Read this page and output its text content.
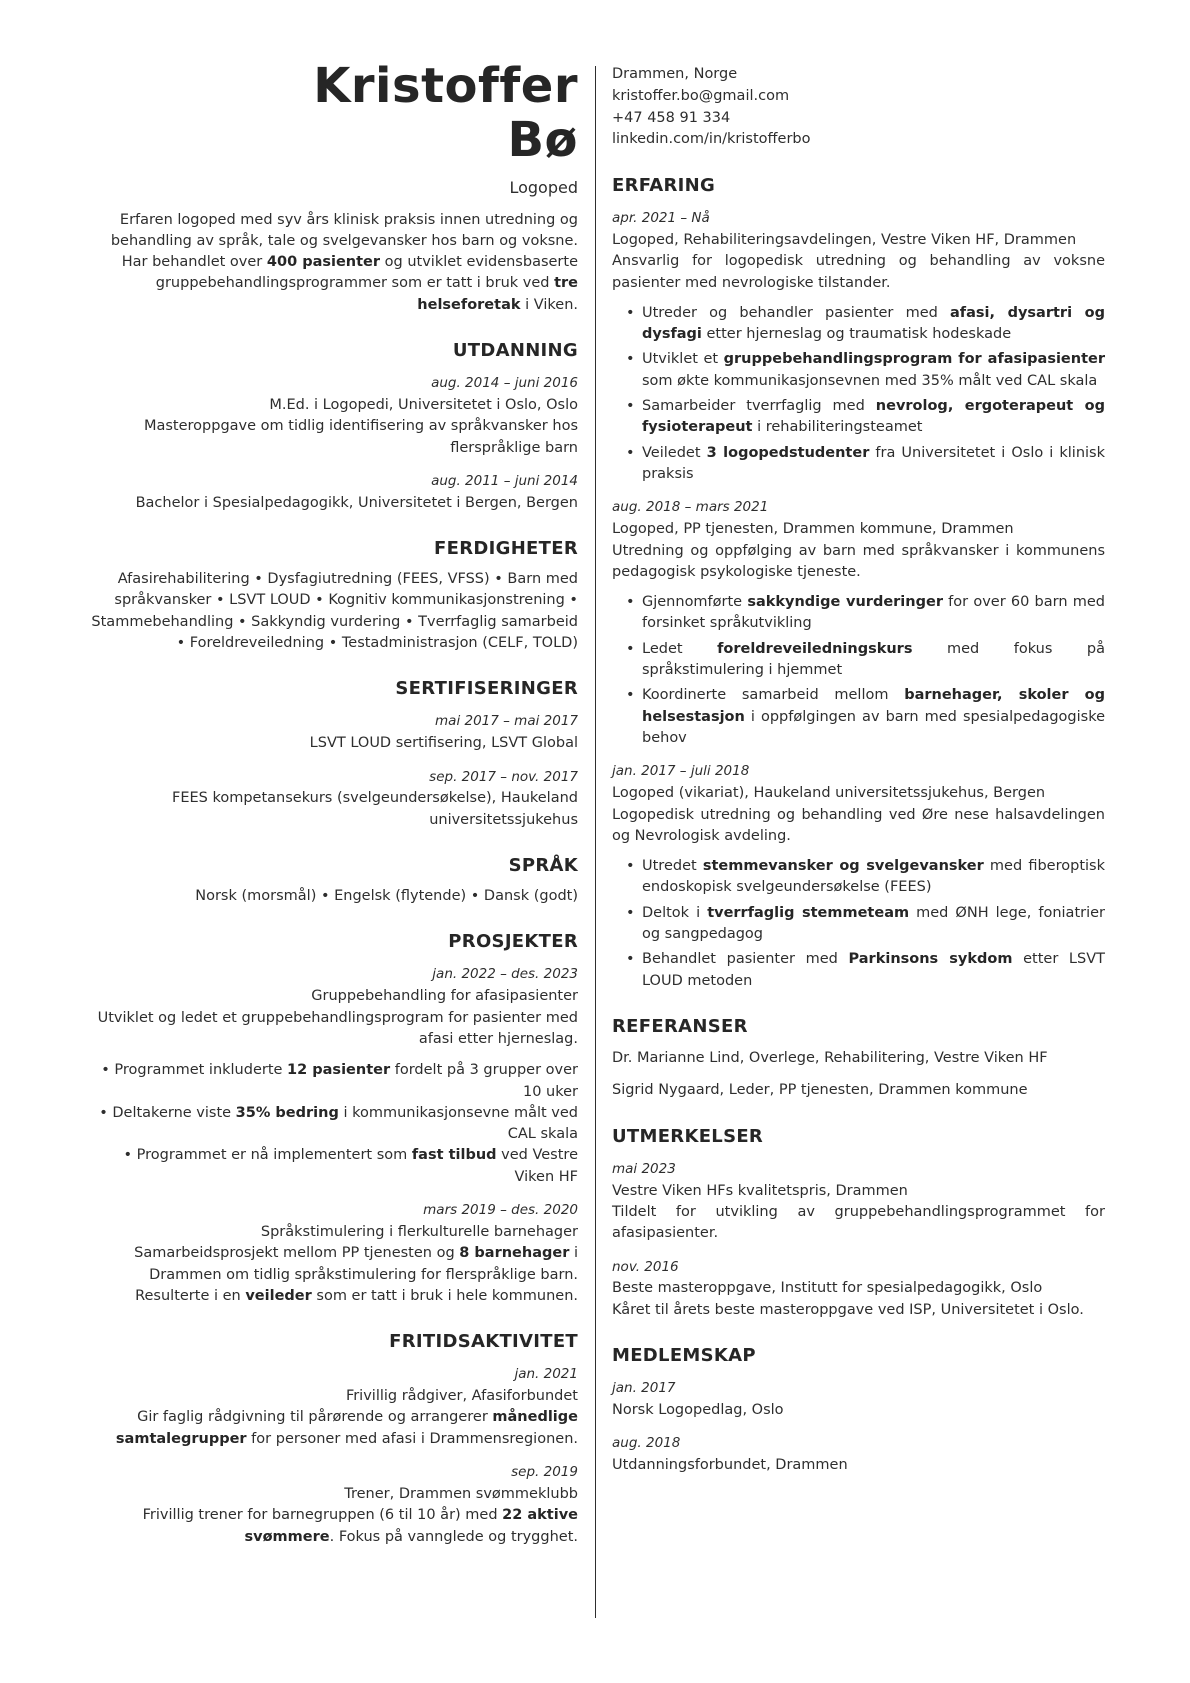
Kristoffer
Bø
Logoped

Erfaren logoped med syv års klinisk praksis innen utredning og behandling av språk, tale og svelgevansker hos barn og voksne. Har behandlet over 400 pasienter og utviklet evidensbaserte gruppebehandlingsprogrammer som er tatt i bruk ved tre helseforetak i Viken.

UTDANNING
aug. 2014 – juni 2016
M.Ed. i Logopedi, Universitetet i Oslo, Oslo
Masteroppgave om tidlig identifisering av språkvansker hos flerspråklige barn
aug. 2011 – juni 2014
Bachelor i Spesialpedagogikk, Universitetet i Bergen, Bergen
FERDIGHETER
Afasirehabilitering • Dysfagiutredning (FEES, VFSS) • Barn med språkvansker • LSVT LOUD • Kognitiv kommunikasjonstrening • Stammebehandling • Sakkyndig vurdering • Tverrfaglig samarbeid • Foreldreveiledning • Testadministrasjon (CELF, TOLD)
SERTIFISERINGER
mai 2017 – mai 2017
LSVT LOUD sertifisering, LSVT Global
sep. 2017 – nov. 2017
FEES kompetansekurs (svelgeundersøkelse), Haukeland universitetssjukehus
SPRÅK
Norsk (morsmål) • Engelsk (flytende) • Dansk (godt)
PROSJEKTER
jan. 2022 – des. 2023
Gruppebehandling for afasipasienter
Utviklet og ledet et gruppebehandlingsprogram for pasienter med afasi etter hjerneslag.
• Programmet inkluderte 12 pasienter fordelt på 3 grupper over 10 uker
• Deltakerne viste 35% bedring i kommunikasjonsevne målt ved CAL skala
• Programmet er nå implementert som fast tilbud ved Vestre Viken HF
mars 2019 – des. 2020
Språkstimulering i flerkulturelle barnehager
Samarbeidsprosjekt mellom PP tjenesten og 8 barnehager i Drammen om tidlig språkstimulering for flerspråklige barn. Resulterte i en veileder som er tatt i bruk i hele kommunen.
FRITIDSAKTIVITET
jan. 2021
Frivillig rådgiver, Afasiforbundet
Gir faglig rådgivning til pårørende og arrangerer månedlige samtalegrupper for personer med afasi i Drammensregionen.
sep. 2019
Trener, Drammen svømmeklubb
Frivillig trener for barnegruppen (6 til 10 år) med 22 aktive svømmere. Fokus på vannglede og trygghet.
Drammen, Norge
kristoffer.bo@gmail.com
+47 458 91 334
linkedin.com/in/kristofferbo
ERFARING
apr. 2021 – Nå
Logoped, Rehabiliteringsavdelingen, Vestre Viken HF, Drammen
Ansvarlig for logopedisk utredning og behandling av voksne pasienter med nevrologiske tilstander.
• Utreder og behandler pasienter med afasi, dysartri og dysfagi etter hjerneslag og traumatisk hodeskade
• Utviklet et gruppebehandlingsprogram for afasipasienter som økte kommunikasjonsevnen med 35% målt ved CAL skala
• Samarbeider tverrfaglig med nevrolog, ergoterapeut og fysioterapeut i rehabiliteringsteamet
• Veiledet 3 logopedstudenter fra Universitetet i Oslo i klinisk praksis
aug. 2018 – mars 2021
Logoped, PP tjenesten, Drammen kommune, Drammen
Utredning og oppfølging av barn med språkvansker i kommunens pedagogisk psykologiske tjeneste.
• Gjennomførte sakkyndige vurderinger for over 60 barn med forsinket språkutvikling
• Ledet foreldreveiledningskurs med fokus på språkstimulering i hjemmet
• Koordinerte samarbeid mellom barnehager, skoler og helsestasjon i oppfølgingen av barn med spesialpedagogiske behov
jan. 2017 – juli 2018
Logoped (vikariat), Haukeland universitetssjukehus, Bergen
Logopedisk utredning og behandling ved Øre nese halsavdelingen og Nevrologisk avdeling.
• Utredet stemmevansker og svelgevansker med fiberoptisk endoskopisk svelgeundersøkelse (FEES)
• Deltok i tverrfaglig stemmeteam med ØNH lege, foniatrier og sangpedagog
• Behandlet pasienter med Parkinsons sykdom etter LSVT LOUD metoden
REFERANSER
Dr. Marianne Lind, Overlege, Rehabilitering, Vestre Viken HF
Sigrid Nygaard, Leder, PP tjenesten, Drammen kommune
UTMERKELSER
mai 2023
Vestre Viken HFs kvalitetspris, Drammen
Tildelt for utvikling av gruppebehandlingsprogrammet for afasipasienter.
nov. 2016
Beste masteroppgave, Institutt for spesialpedagogikk, Oslo
Kåret til årets beste masteroppgave ved ISP, Universitetet i Oslo.
MEDLEMSKAP
jan. 2017
Norsk Logopedlag, Oslo
aug. 2018
Utdanningsforbundet, Drammen
